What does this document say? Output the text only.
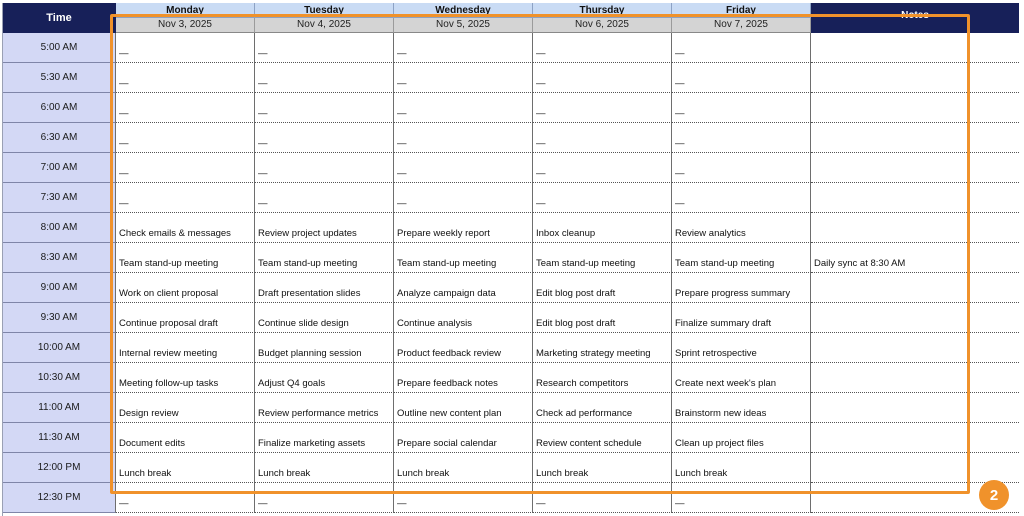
Time
Monday	Tuesday	Wednesday	Thursday	Friday	Notes
Nov 3, 2025	Nov 4, 2025	Nov 5, 2025	Nov 6, 2025	Nov 7, 2025
5:00 AM
—	—	—	—	—
5:30 AM
—	—	—	—	—
6:00 AM
—	—	—	—	—
6:30 AM
—	—	—	—	—
7:00 AM
—	—	—	—	—
7:30 AM
—	—	—	—	—
8:00 AM
Check emails & messages	Review project updates	Prepare weekly report	Inbox cleanup	Review analytics
8:30 AM
Team stand-up meeting	Team stand-up meeting	Team stand-up meeting	Team stand-up meeting	Team stand-up meeting	Daily sync at 8:30 AM
9:00 AM
Work on client proposal	Draft presentation slides	Analyze campaign data	Edit blog post draft	Prepare progress summary
9:30 AM
Continue proposal draft	Continue slide design	Continue analysis	Edit blog post draft	Finalize summary draft
10:00 AM
Internal review meeting	Budget planning session	Product feedback review	Marketing strategy meeting	Sprint retrospective
10:30 AM
Meeting follow-up tasks	Adjust Q4 goals	Prepare feedback notes	Research competitors	Create next week's plan
11:00 AM
Design review	Review performance metrics	Outline new content plan	Check ad performance	Brainstorm new ideas
11:30 AM
Document edits	Finalize marketing assets	Prepare social calendar	Review content schedule	Clean up project files
12:00 PM
Lunch break	Lunch break	Lunch break	Lunch break	Lunch break
12:30 PM
—	—	—	—	—	2
